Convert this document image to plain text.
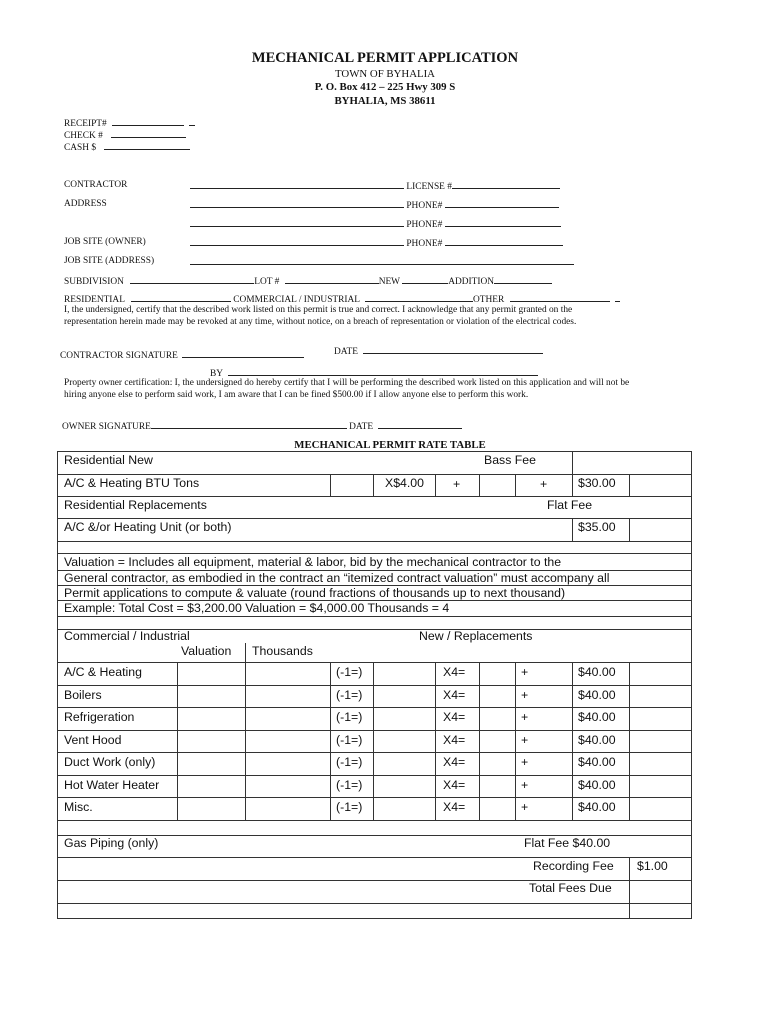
MECHANICAL PERMIT APPLICATION
TOWN OF BYHALIA
P. O. Box 412 – 225 Hwy 309 S
BYHALIA, MS 38611
RECEIPT#
CHECK #
CASH $
CONTRACTOR	LICENSE #
ADDRESS	PHONE#
PHONE#
JOB SITE (OWNER)	PHONE#
JOB SITE (ADDRESS)
SUBDIVISION	LOT #	NEW	ADDITION
RESIDENTIAL	COMMERCIAL / INDUSTRIAL	OTHER
I, the undersigned, certify that the described work listed on this permit is true and correct. I acknowledge that any permit granted on the representation herein made may be revoked at any time, without notice, on a breach of representation or violation of the electrical codes.
CONTRACTOR SIGNATURE	DATE
BY
Property owner certification: I, the undersigned do hereby certify that I will be performing the described work listed on this application and will not be hiring anyone else to perform said work, I am aware that I can be fined $500.00 if I allow anyone else to perform this work.
OWNER SIGNATURE	DATE
MECHANICAL PERMIT RATE TABLE
Residential New	Bass Fee
A/C & Heating BTU Tons	X$4.00 +	+	$30.00
Residential Replacements	Flat Fee
A/C &/or Heating Unit (or both)	$35.00
Valuation = Includes all equipment, material & labor, bid by the mechanical contractor to the
General contractor, as embodied in the contract an “itemized contract valuation” must accompany all
Permit applications to compute & valuate (round fractions of thousands up to next thousand)
Example: Total Cost = $3,200.00 Valuation = $4,000.00 Thousands = 4
Commercial / Industrial	New / Replacements
Valuation Thousands
A/C & Heating	(-1=)	X4=	+	$40.00
Boilers	(-1=)	X4=	+	$40.00
Refrigeration	(-1=)	X4=	+	$40.00
Vent Hood	(-1=)	X4=	+	$40.00
Duct Work (only)	(-1=)	X4=	+	$40.00
Hot Water Heater	(-1=)	X4=	+	$40.00
Misc.	(-1=)	X4=	+	$40.00
Gas Piping (only)	Flat Fee $40.00
Recording Fee $1.00
Total Fees Due
